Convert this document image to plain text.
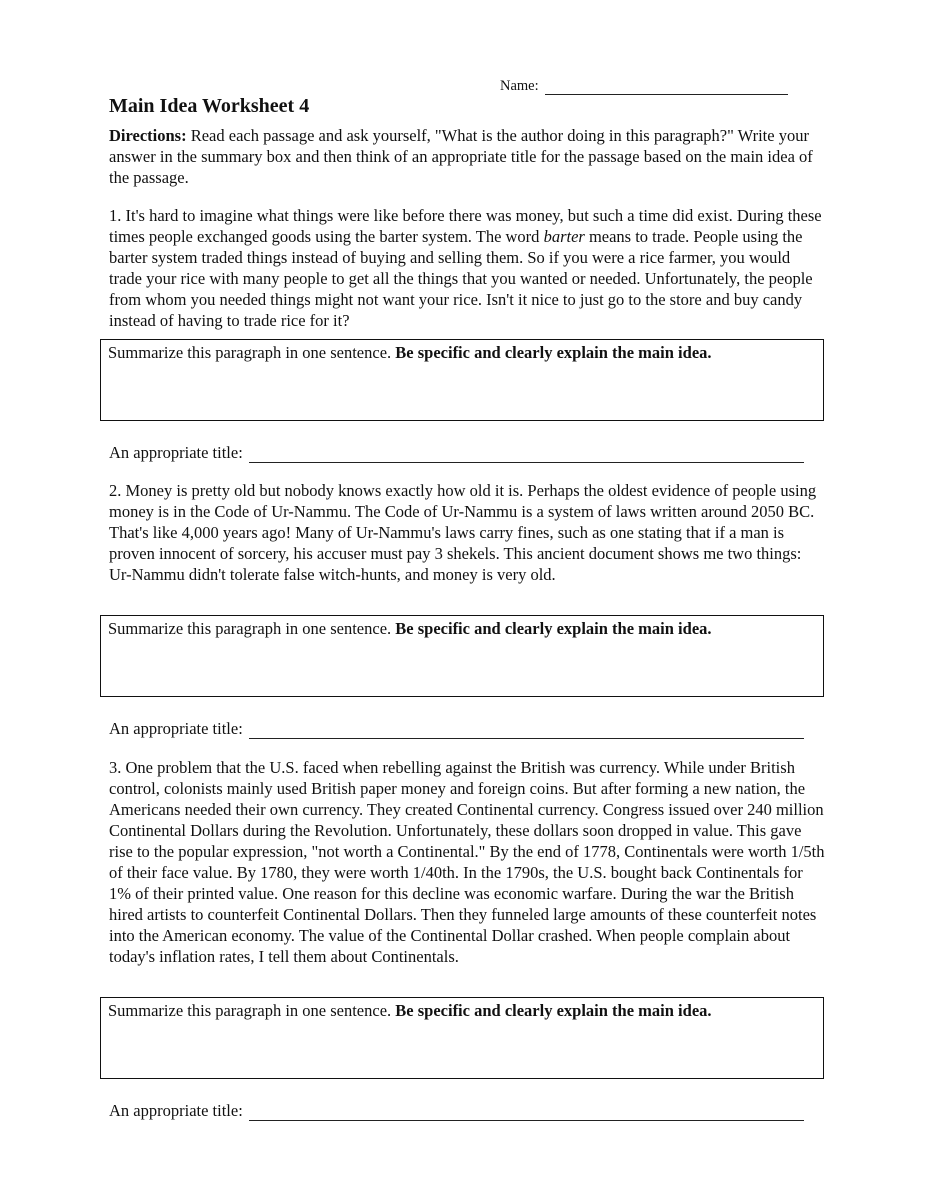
Name:
Main Idea Worksheet 4

Directions: Read each passage and ask yourself, "What is the author doing in this paragraph?" Write your answer in the summary box and then think of an appropriate title for the passage based on the main idea of the passage.

1. It's hard to imagine what things were like before there was money, but such a time did exist. During these times people exchanged goods using the barter system. The word barter means to trade. People using the barter system traded things instead of buying and selling them. So if you were a rice farmer, you would trade your rice with many people to get all the things that you wanted or needed. Unfortunately, the people from whom you needed things might not want your rice. Isn't it nice to just go to the store and buy candy instead of having to trade rice for it?

Summarize this paragraph in one sentence. Be specific and clearly explain the main idea.
An appropriate title:

2. Money is pretty old but nobody knows exactly how old it is. Perhaps the oldest evidence of people using money is in the Code of Ur-Nammu. The Code of Ur-Nammu is a system of laws written around 2050 BC. That's like 4,000 years ago! Many of Ur-Nammu's laws carry fines, such as one stating that if a man is proven innocent of sorcery, his accuser must pay 3 shekels. This ancient document shows me two things: Ur-Nammu didn't tolerate false witch-hunts, and money is very old.

Summarize this paragraph in one sentence. Be specific and clearly explain the main idea.
An appropriate title:

3. One problem that the U.S. faced when rebelling against the British was currency. While under British control, colonists mainly used British paper money and foreign coins. But after forming a new nation, the Americans needed their own currency. They created Continental currency. Congress issued over 240 million Continental Dollars during the Revolution. Unfortunately, these dollars soon dropped in value. This gave rise to the popular expression, "not worth a Continental." By the end of 1778, Continentals were worth 1/5th of their face value. By 1780, they were worth 1/40th. In the 1790s, the U.S. bought back Continentals for 1% of their printed value. One reason for this decline was economic warfare. During the war the British hired artists to counterfeit Continental Dollars. Then they funneled large amounts of these counterfeit notes into the American economy. The value of the Continental Dollar crashed. When people complain about today's inflation rates, I tell them about Continentals.

Summarize this paragraph in one sentence. Be specific and clearly explain the main idea.
An appropriate title:
